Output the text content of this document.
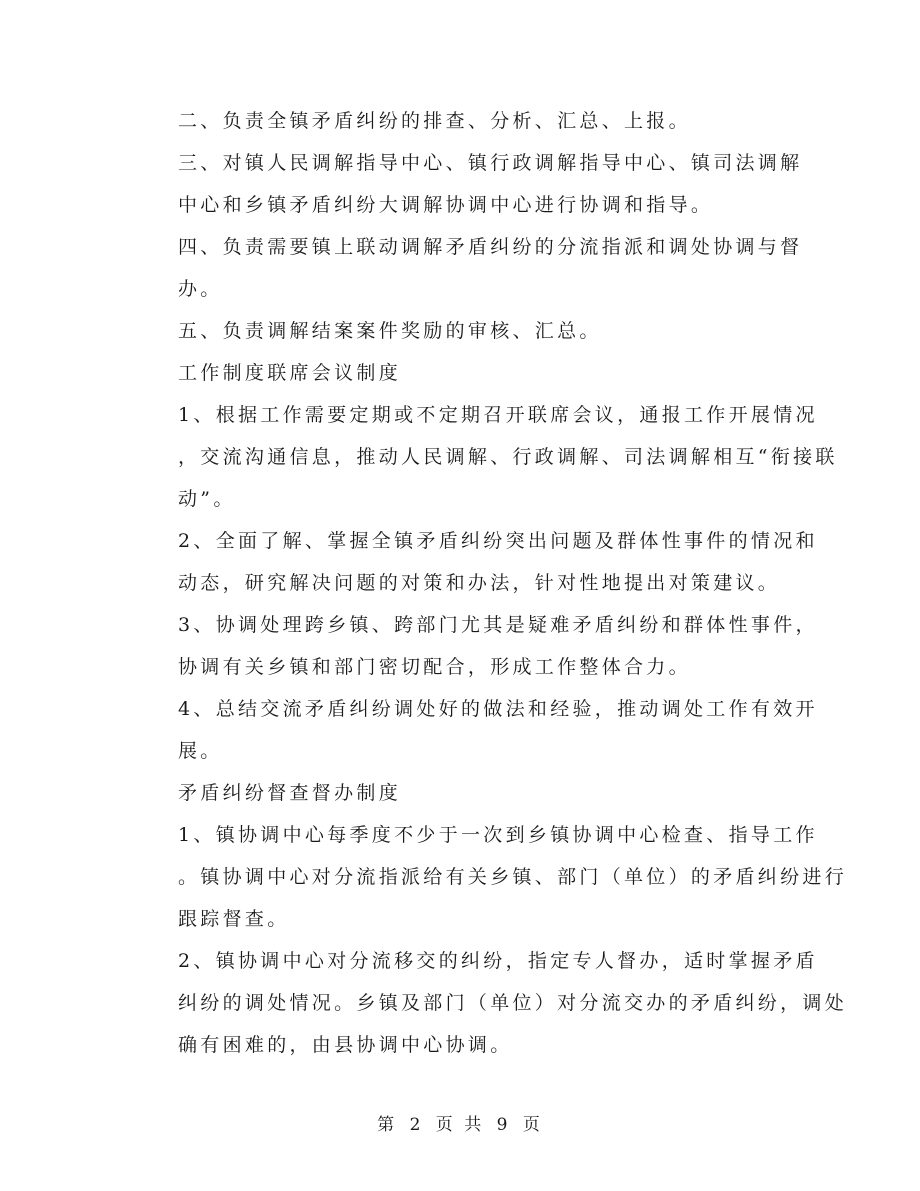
二、负责全镇矛盾纠纷的排查、分析、汇总、上报。

三、对镇人民调解指导中心、镇行政调解指导中心、镇司法调解
中心和乡镇矛盾纠纷大调解协调中心进行协调和指导。

四、负责需要镇上联动调解矛盾纠纷的分流指派和调处协调与督
办。

五、负责调解结案案件奖励的审核、汇总。

工作制度联席会议制度

1、根据工作需要定期或不定期召开联席会议，通报工作开展情况
，交流沟通信息，推动人民调解、行政调解、司法调解相互“衔接联
动”。

2、全面了解、掌握全镇矛盾纠纷突出问题及群体性事件的情况和
动态，研究解决问题的对策和办法，针对性地提出对策建议。

3、协调处理跨乡镇、跨部门尤其是疑难矛盾纠纷和群体性事件，
协调有关乡镇和部门密切配合，形成工作整体合力。

4、总结交流矛盾纠纷调处好的做法和经验，推动调处工作有效开
展。

矛盾纠纷督查督办制度

1、镇协调中心每季度不少于一次到乡镇协调中心检查、指导工作
。镇协调中心对分流指派给有关乡镇、部门（单位）的矛盾纠纷进行
跟踪督查。

2、镇协调中心对分流移交的纠纷，指定专人督办，适时掌握矛盾
纠纷的调处情况。乡镇及部门（单位）对分流交办的矛盾纠纷，调处
确有困难的，由县协调中心协调。

第 2 页 共 9 页
